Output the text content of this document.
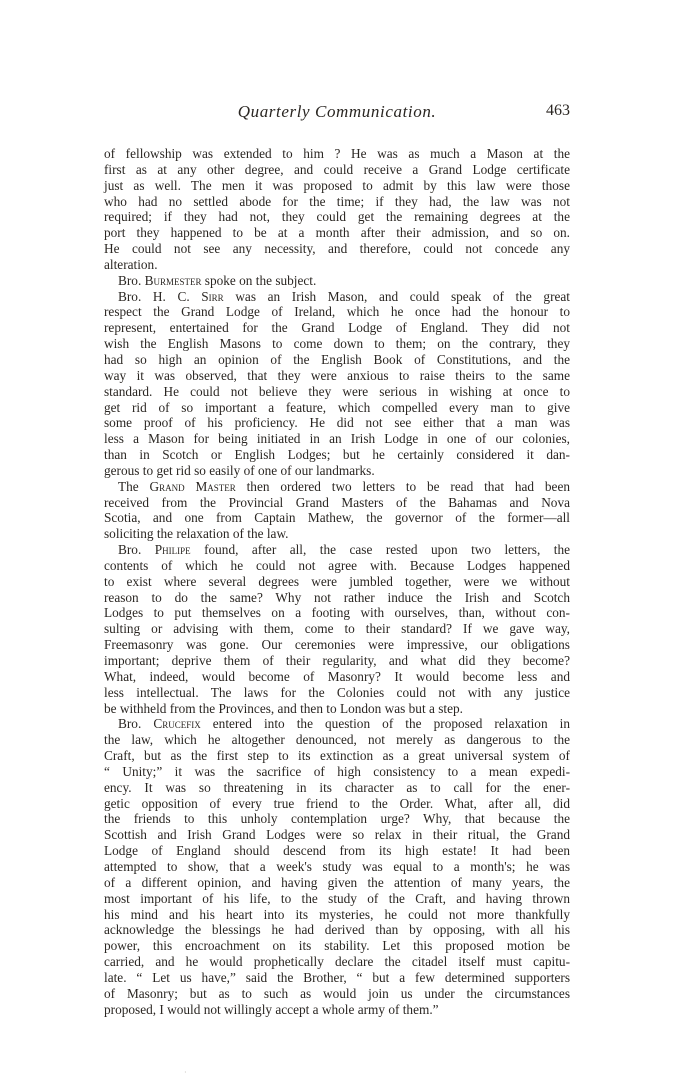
Quarterly Communication.	463
of fellowship was extended to him ? He was as much a Mason at the
first as at any other degree, and could receive a Grand Lodge certificate
just as well. The men it was proposed to admit by this law were those
who had no settled abode for the time; if they had, the law was not
required; if they had not, they could get the remaining degrees at the
port they happened to be at a month after their admission, and so on.
He could not see any necessity, and therefore, could not concede any
alteration.
Bro. Burmester spoke on the subject.
Bro. H. C. Sirr was an Irish Mason, and could speak of the great
respect the Grand Lodge of Ireland, which he once had the honour to
represent, entertained for the Grand Lodge of England. They did not
wish the English Masons to come down to them; on the contrary, they
had so high an opinion of the English Book of Constitutions, and the
way it was observed, that they were anxious to raise theirs to the same
standard. He could not believe they were serious in wishing at once to
get rid of so important a feature, which compelled every man to give
some proof of his proficiency. He did not see either that a man was
less a Mason for being initiated in an Irish Lodge in one of our colonies,
than in Scotch or English Lodges; but he certainly considered it dan-
gerous to get rid so easily of one of our landmarks.
The Grand Master then ordered two letters to be read that had been
received from the Provincial Grand Masters of the Bahamas and Nova
Scotia, and one from Captain Mathew, the governor of the former—all
soliciting the relaxation of the law.
Bro. Philipe found, after all, the case rested upon two letters, the
contents of which he could not agree with. Because Lodges happened
to exist where several degrees were jumbled together, were we without
reason to do the same? Why not rather induce the Irish and Scotch
Lodges to put themselves on a footing with ourselves, than, without con-
sulting or advising with them, come to their standard? If we gave way,
Freemasonry was gone. Our ceremonies were impressive, our obligations
important; deprive them of their regularity, and what did they become?
What, indeed, would become of Masonry? It would become less and
less intellectual. The laws for the Colonies could not with any justice
be withheld from the Provinces, and then to London was but a step.
Bro. Crucefix entered into the question of the proposed relaxation in
the law, which he altogether denounced, not merely as dangerous to the
Craft, but as the first step to its extinction as a great universal system of
“ Unity;” it was the sacrifice of high consistency to a mean expedi-
ency. It was so threatening in its character as to call for the ener-
getic opposition of every true friend to the Order. What, after all, did
the friends to this unholy contemplation urge? Why, that because the
Scottish and Irish Grand Lodges were so relax in their ritual, the Grand
Lodge of England should descend from its high estate! It had been
attempted to show, that a week's study was equal to a month's; he was
of a different opinion, and having given the attention of many years, the
most important of his life, to the study of the Craft, and having thrown
his mind and his heart into its mysteries, he could not more thankfully
acknowledge the blessings he had derived than by opposing, with all his
power, this encroachment on its stability. Let this proposed motion be
carried, and he would prophetically declare the citadel itself must capitu-
late. “ Let us have,” said the Brother, “ but a few determined supporters
of Masonry; but as to such as would join us under the circumstances
proposed, I would not willingly accept a whole army of them.”
·
